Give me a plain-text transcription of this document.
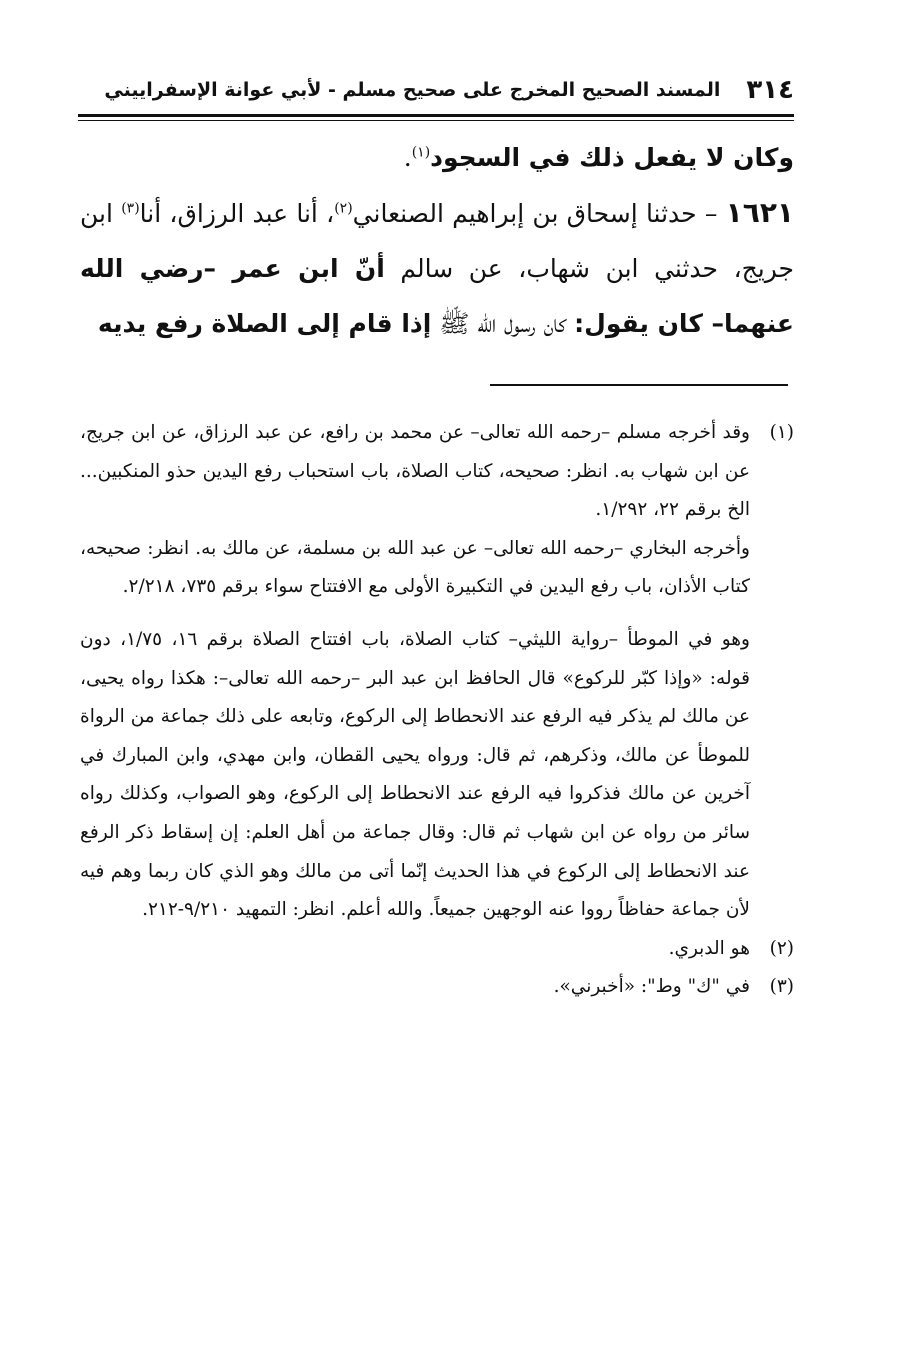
٣١٤
المسند الصحيح المخرج على صحيح مسلم - لأبي عوانة الإسفراييني

وكان لا يفعل ذلك في السجود$^{(١)}$.

١٦٢١ – حدثنا إسحاق بن إبراهيم الصنعاني$^{(٢)}$، أنا عبد الرزاق، أنا$^{(٣)}$ ابن جريج، حدثني ابن شهاب، عن سالم أنّ ابن عمر –رضي الله عنهما– كان يقول: كان رسول الله ﷺ إذا قام إلى الصلاة رفع يديه

(١)

وقد أخرجه مسلم –رحمه الله تعالى– عن محمد بن رافع، عن عبد الرزاق، عن ابن جريج، عن ابن شهاب به. انظر: صحيحه، كتاب الصلاة، باب استحباب رفع اليدين حذو المنكبين... الخ برقم ٢٢، ١/٢٩٢.

وأخرجه البخاري –رحمه الله تعالى– عن عبد الله بن مسلمة، عن مالك به. انظر: صحيحه، كتاب الأذان، باب رفع اليدين في التكبيرة الأولى مع الافتتاح سواء برقم ٧٣٥، ٢/٢١٨.

وهو في الموطأ –رواية الليثي– كتاب الصلاة، باب افتتاح الصلاة برقم ١٦، ١/٧٥، دون قوله: «وإذا كبّر للركوع» قال الحافظ ابن عبد البر –رحمه الله تعالى–: هكذا رواه يحيى، عن مالك لم يذكر فيه الرفع عند الانحطاط إلى الركوع، وتابعه على ذلك جماعة من الرواة للموطأ عن مالك، وذكرهم، ثم قال: ورواه يحيى القطان، وابن مهدي، وابن المبارك في آخرين عن مالك فذكروا فيه الرفع عند الانحطاط إلى الركوع، وهو الصواب، وكذلك رواه سائر من رواه عن ابن شهاب ثم قال: وقال جماعة من أهل العلم: إن إسقاط ذكر الرفع عند الانحطاط إلى الركوع في هذا الحديث إنّما أتى من مالك وهو الذي كان ربما وهم فيه لأن جماعة حفاظاً رووا عنه الوجهين جميعاً. والله أعلم. انظر: التمهيد ٩/٢١٠-٢١٢.

(٢)

هو الدبري.

(٣)

في "ك" وط": «أخبرني».
